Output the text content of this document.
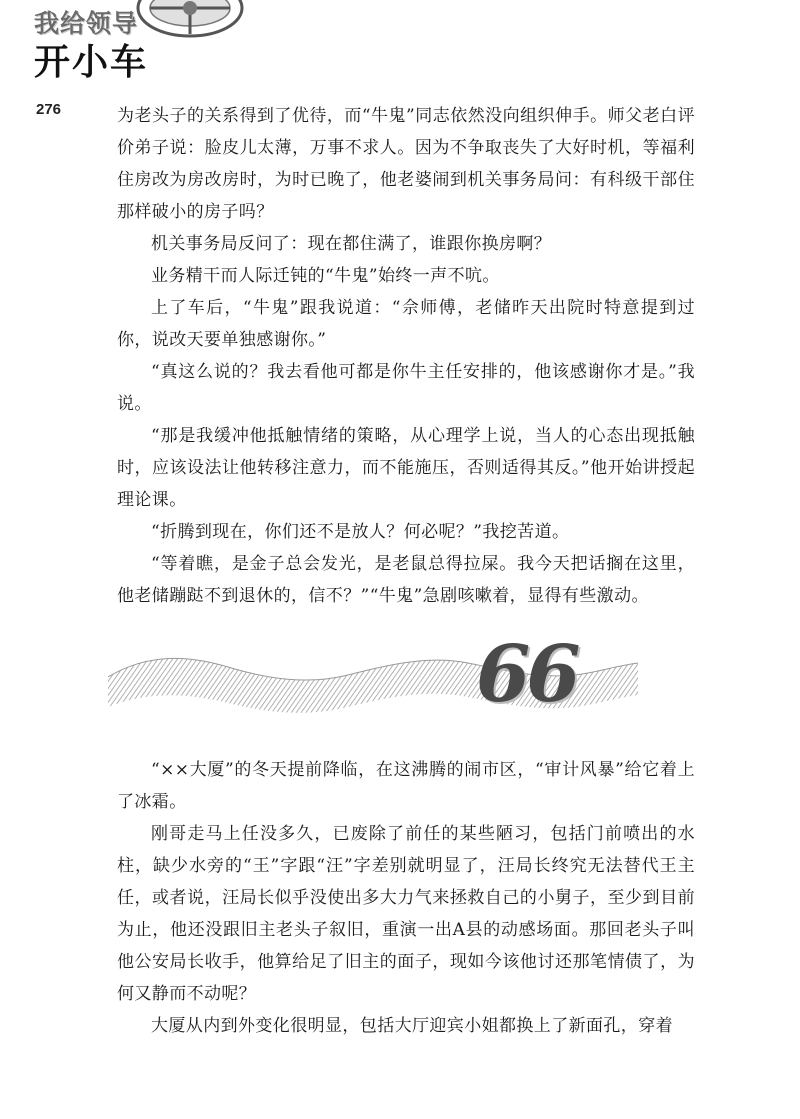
我给领导
开小车
276	为老头子的关系得到了优待，而“牛鬼”同志依然没向组织伸手。师父老白评价弟子说：脸皮儿太薄，万事不求人。因为不争取丧失了大好时机，等福利住房改为房改房时，为时已晚了，他老婆闹到机关事务局问：有科级干部住那样破小的房子吗？

机关事务局反问了：现在都住满了，谁跟你换房啊？

业务精干而人际迁钝的“牛鬼”始终一声不吭。

上了车后，“牛鬼”跟我说道：“佘师傅，老储昨天出院时特意提到过你，说改天要单独感谢你。”

“真这么说的？我去看他可都是你牛主任安排的，他该感谢你才是。”我说。

“那是我缓冲他抵触情绪的策略，从心理学上说，当人的心态出现抵触时，应该设法让他转移注意力，而不能施压，否则适得其反。”他开始讲授起理论课。

“折腾到现在，你们还不是放人？何必呢？”我挖苦道。

“等着瞧，是金子总会发光，是老鼠总得拉屎。我今天把话搁在这里，他老储蹦跶不到退休的，信不？”“牛鬼”急剧咳嗽着，显得有些激动。

66

“××大厦”的冬天提前降临，在这沸腾的闹市区，“审计风暴”给它着上了冰霜。

刚哥走马上任没多久，已废除了前任的某些陋习，包括门前喷出的水柱，缺少水旁的“王”字跟“汪”字差别就明显了，汪局长终究无法替代王主任，或者说，汪局长似乎没使出多大力气来拯救自己的小舅子，至少到目前为止，他还没跟旧主老头子叙旧，重演一出A县的动感场面。那回老头子叫他公安局长收手，他算给足了旧主的面子，现如今该他讨还那笔情债了，为何又静而不动呢？

大厦从内到外变化很明显，包括大厅迎宾小姐都换上了新面孔，穿着
